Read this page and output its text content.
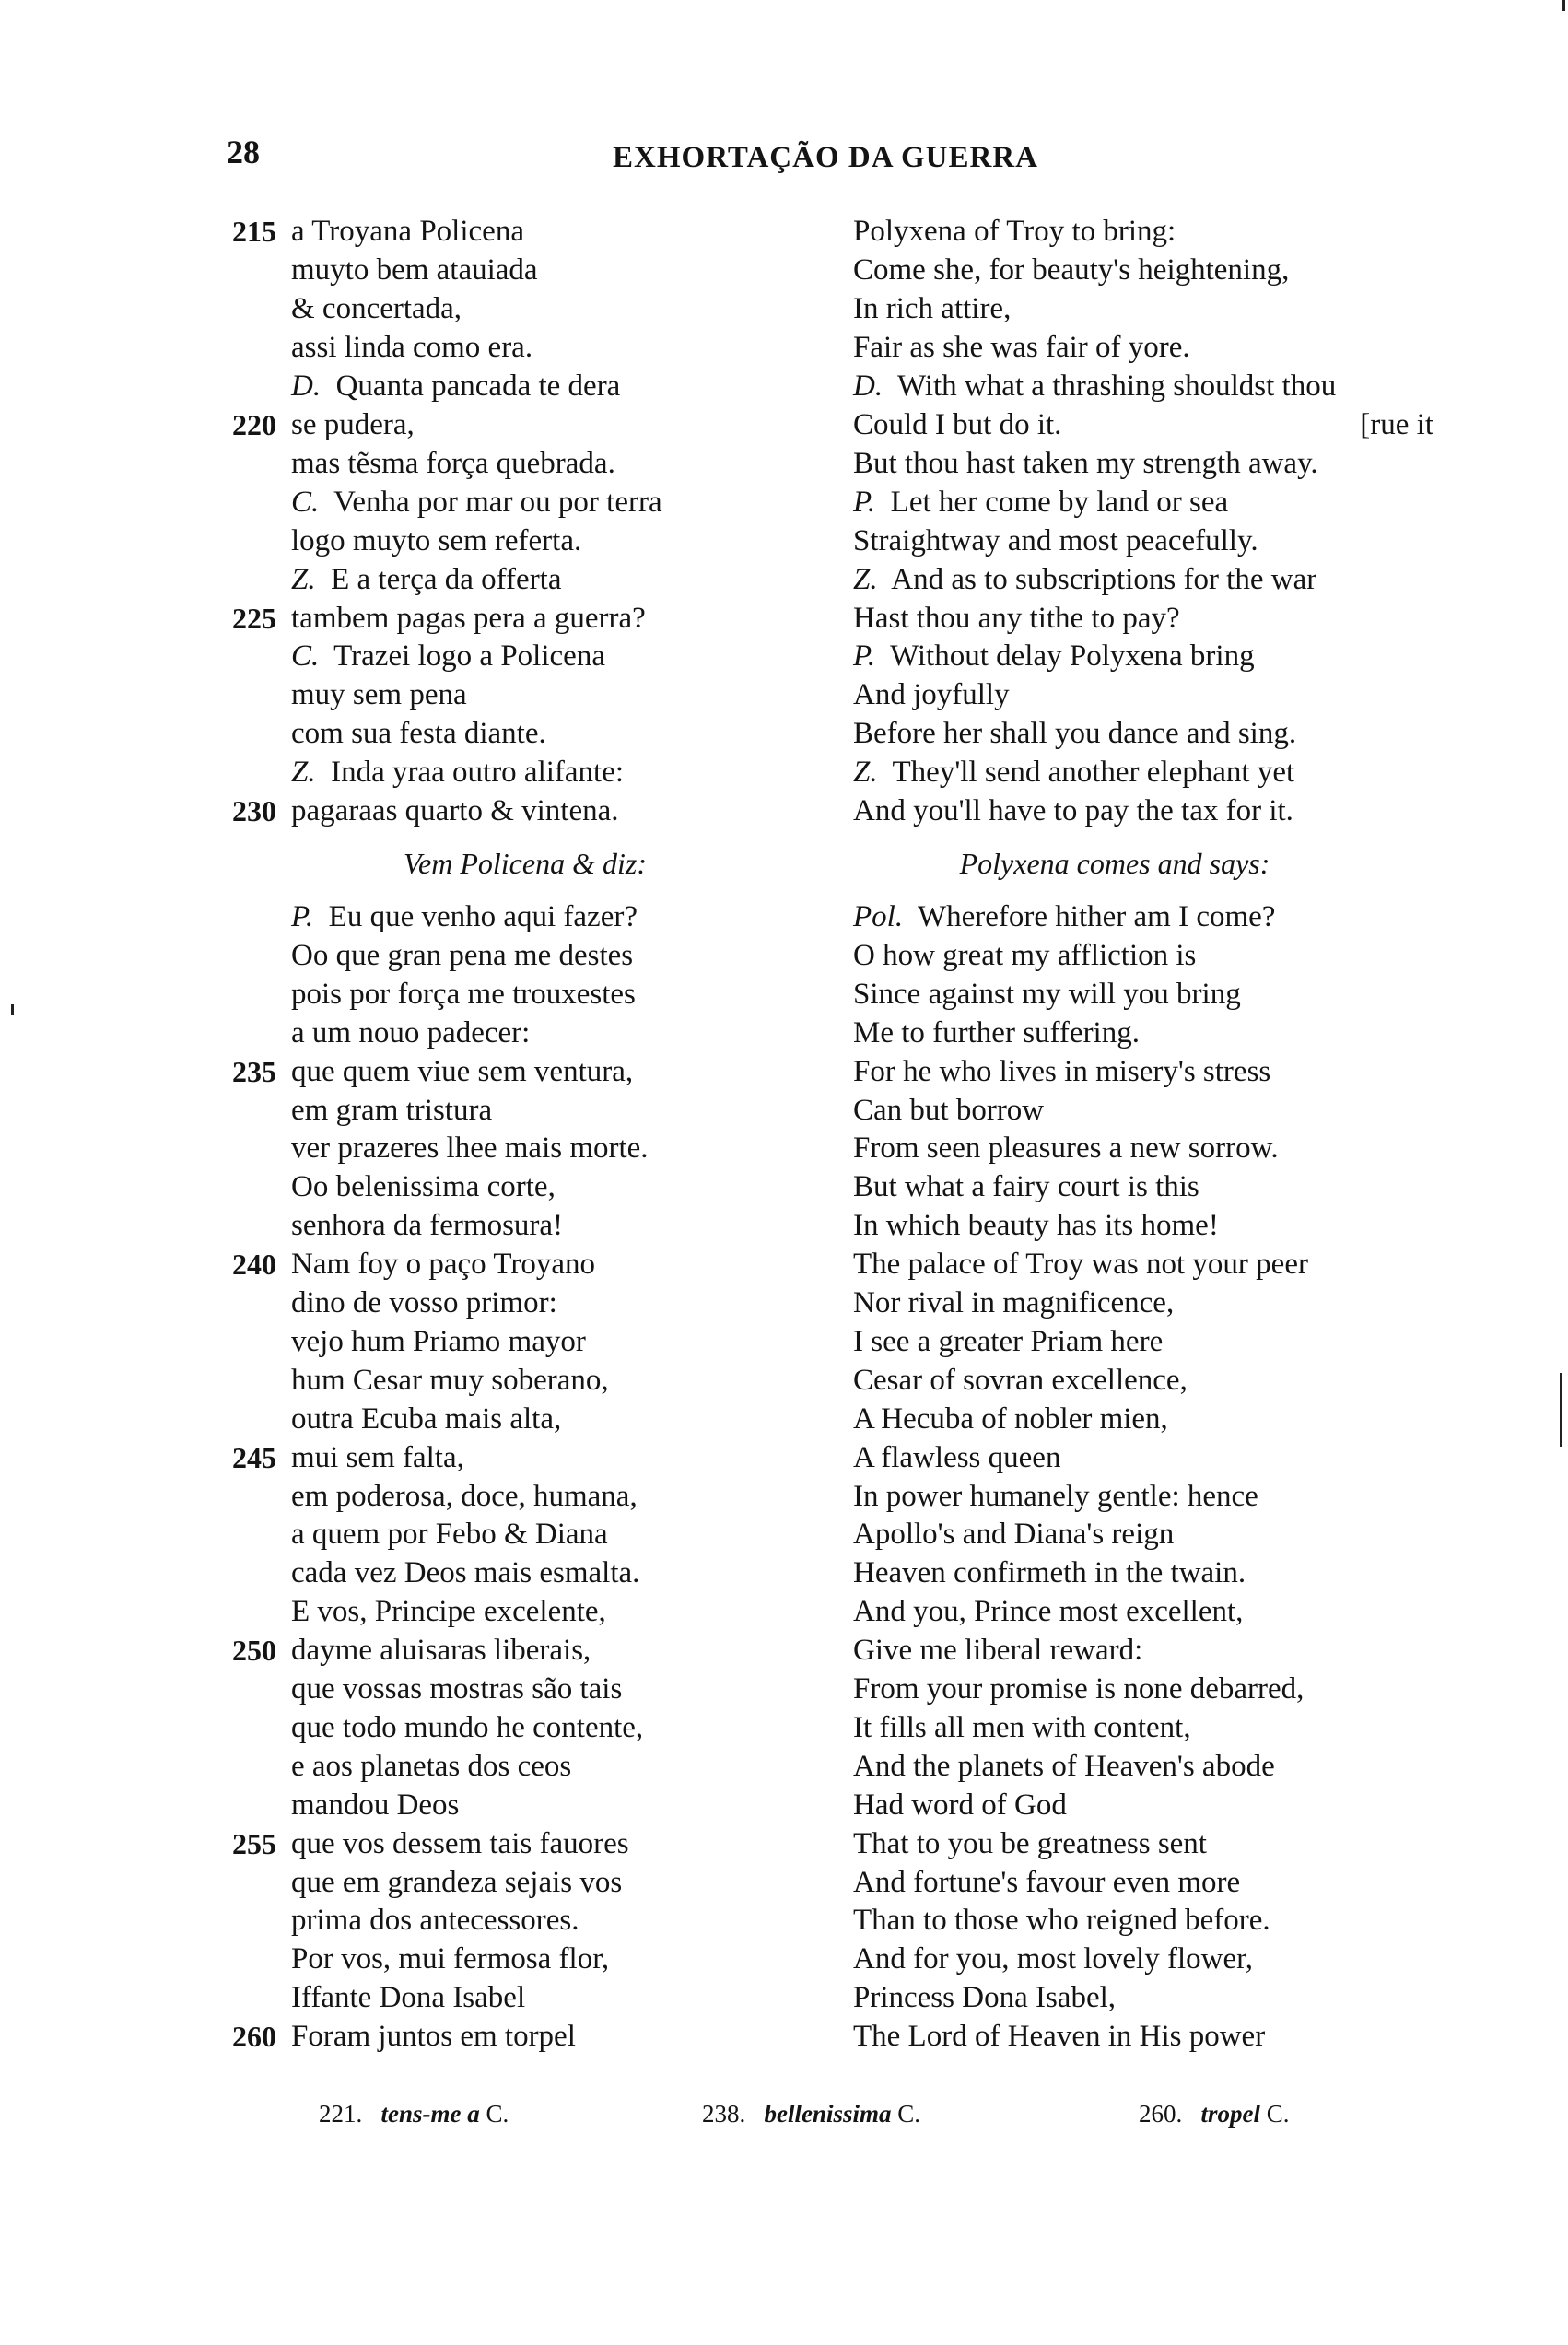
28	EXHORTAÇÃO DA GUERRA
215 a Troyana Policena
muyto bem atauiada
& concertada,
assi linda como era.
D. Quanta pancada te dera
220 se pudera,
mas tẽsma força quebrada.
C. Venha por mar ou por terra
logo muyto sem referta.
Z. E a terça da offerta
225 tambem pagas pera a guerra?
C. Trazei logo a Policena
muy sem pena
com sua festa diante.
Z. Inda yraa outro alifante:
230 pagaraas quarto & vintena.
Polyxena of Troy to bring:
Come she, for beauty's heightening,
In rich attire,
Fair as she was fair of yore.
D. With what a thrashing shouldst thou
Could I but do it.	[rue it
But thou hast taken my strength away.
P. Let her come by land or sea
Straightway and most peacefully.
Z. And as to subscriptions for the war
Hast thou any tithe to pay?
P. Without delay Polyxena bring
And joyfully
Before her shall you dance and sing.
Z. They'll send another elephant yet
And you'll have to pay the tax for it.
P. Eu que venho aqui fazer?
Oo que gran pena me destes
pois por força me trouxestes
a um nouo padecer:
235 que quem viue sem ventura,
em gram tristura
ver prazeres lhee mais morte.
Oo belenissima corte,
senhora da fermosura!
240 Nam foy o paço Troyano
dino de vosso primor:
vejo hum Priamo mayor
hum Cesar muy soberano,
outra Ecuba mais alta,
245 mui sem falta,
em poderosa, doce, humana,
a quem por Febo & Diana
cada vez Deos mais esmalta.
E vos, Principe excelente,
250 dayme aluisaras liberais,
que vossas mostras são tais
que todo mundo he contente,
e aos planetas dos ceos
mandou Deos
255 que vos dessem tais fauores
que em grandeza sejais vos
prima dos antecessores.
Por vos, mui fermosa flor,
Iffante Dona Isabel
260 Foram juntos em torpel
Pol. Wherefore hither am I come?
O how great my affliction is
Since against my will you bring
Me to further suffering.
For he who lives in misery's stress
Can but borrow
From seen pleasures a new sorrow.
But what a fairy court is this
In which beauty has its home!
The palace of Troy was not your peer
Nor rival in magnificence,
I see a greater Priam here
Cesar of sovran excellence,
A Hecuba of nobler mien,
A flawless queen
In power humanely gentle: hence
Apollo's and Diana's reign
Heaven confirmeth in the twain.
And you, Prince most excellent,
Give me liberal reward:
From your promise is none debarred,
It fills all men with content,
And the planets of Heaven's abode
Had word of God
That to you be greatness sent
And fortune's favour even more
Than to those who reigned before.
And for you, most lovely flower,
Princess Dona Isabel,
The Lord of Heaven in His power
Vem Policena & diz:	Polyxena comes and says:
221. tens-me a C.	238. bellenissima C.	260. tropel C.
